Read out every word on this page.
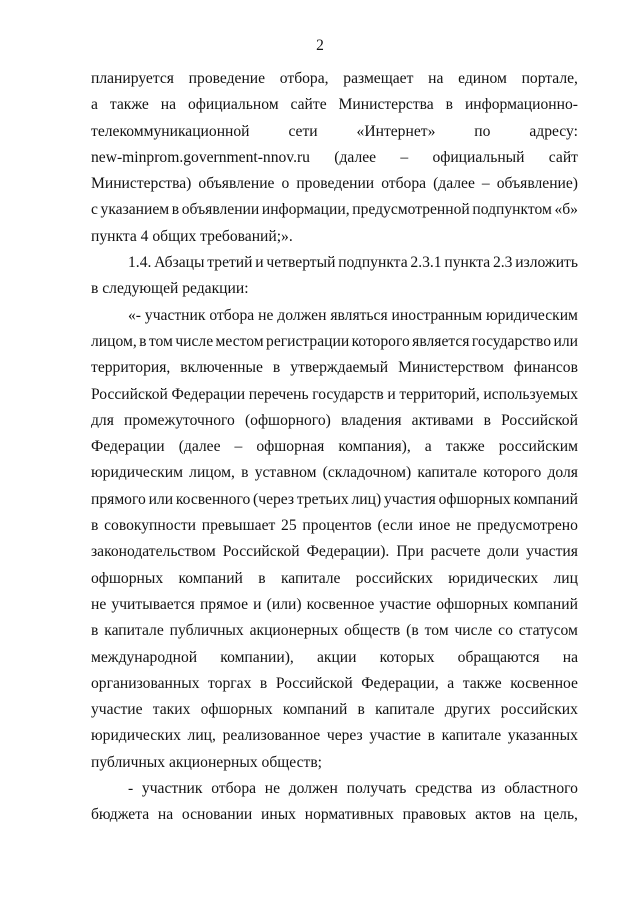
2
планируется проведение отбора, размещает на едином портале,
а также на официальном сайте Министерства в информационно-
телекоммуникационной сети «Интернет» по адресу:
new-minprom.government-nnov.ru (далее – официальный сайт
Министерства) объявление о проведении отбора (далее – объявление)
с указанием в объявлении информации, предусмотренной подпунктом «б»
пункта 4 общих требований;».
1.4. Абзацы третий и четвертый подпункта 2.3.1 пункта 2.3 изложить
в следующей редакции:
«- участник отбора не должен являться иностранным юридическим
лицом, в том числе местом регистрации которого является государство или
территория, включенные в утверждаемый Министерством финансов
Российской Федерации перечень государств и территорий, используемых
для промежуточного (офшорного) владения активами в Российской
Федерации (далее – офшорная компания), а также российским
юридическим лицом, в уставном (складочном) капитале которого доля
прямого или косвенного (через третьих лиц) участия офшорных компаний
в совокупности превышает 25 процентов (если иное не предусмотрено
законодательством Российской Федерации). При расчете доли участия
офшорных компаний в капитале российских юридических лиц
не учитывается прямое и (или) косвенное участие офшорных компаний
в капитале публичных акционерных обществ (в том числе со статусом
международной компании), акции которых обращаются на
организованных торгах в Российской Федерации, а также косвенное
участие таких офшорных компаний в капитале других российских
юридических лиц, реализованное через участие в капитале указанных
публичных акционерных обществ;
- участник отбора не должен получать средства из областного
бюджета на основании иных нормативных правовых актов на цель,
